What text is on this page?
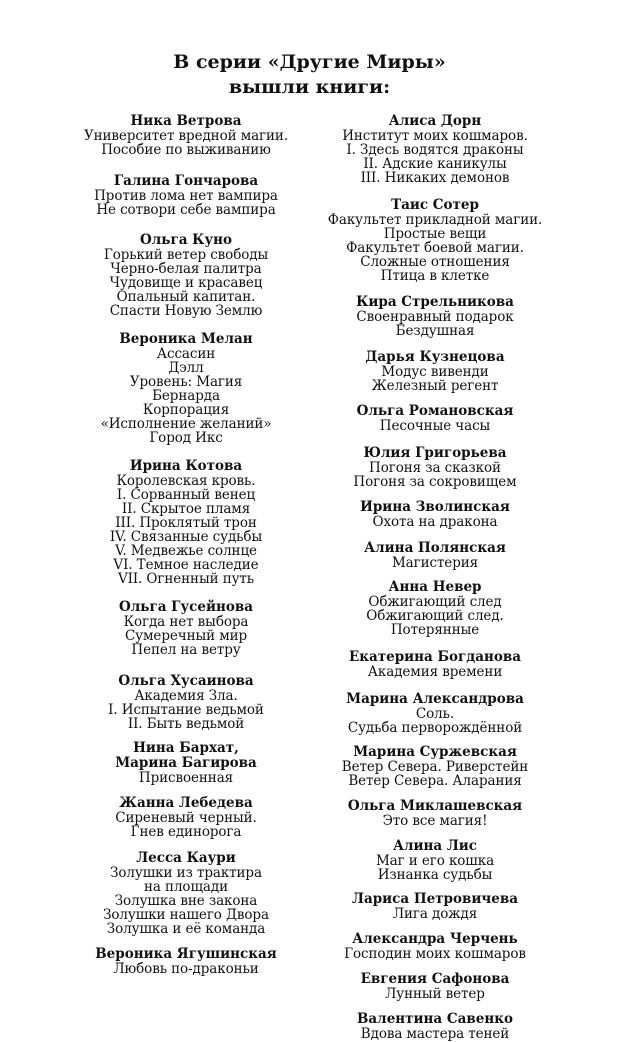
В серии «Другие Миры»
вышли книги:
Ника Ветрова
Университет вредной магии.
Пособие по выживанию
Галина Гончарова
Против лома нет вампира
Не сотвори себе вампира
Ольга Куно
Горький ветер свободы
Черно-белая палитра
Чудовище и красавец
Опальный капитан.
Спасти Новую Землю
Вероника Мелан
Ассасин
Дэлл
Уровень: Магия
Бернарда
Корпорация
«Исполнение желаний»
Город Икс
Ирина Котова
Королевская кровь.
I. Сорванный венец
II. Скрытое пламя
III. Проклятый трон
IV. Связанные судьбы
V. Медвежье солнце
VI. Темное наследие
VII. Огненный путь
Ольга Гусейнова
Когда нет выбора
Сумеречный мир
Пепел на ветру
Ольга Хусаинова
Академия Зла.
I. Испытание ведьмой
II. Быть ведьмой
Нина Бархат,
Марина Багирова
Присвоенная
Жанна Лебедева
Сиреневый черный.
Гнев единорога
Лесса Каури
Золушки из трактира
на площади
Золушка вне закона
Золушки нашего Двора
Золушка и её команда
Вероника Ягушинская
Любовь по-драконьи
Алиса Дорн
Институт моих кошмаров.
I. Здесь водятся драконы
II. Адские каникулы
III. Никаких демонов
Таис Сотер
Факультет прикладной магии.
Простые вещи
Факультет боевой магии.
Сложные отношения
Птица в клетке
Кира Стрельникова
Своенравный подарок
Бездушная
Дарья Кузнецова
Модус вивенди
Железный регент
Ольга Романовская
Песочные часы
Юлия Григорьева
Погоня за сказкой
Погоня за сокровищем
Ирина Зволинская
Охота на дракона
Алина Полянская
Магистерия
Анна Невер
Обжигающий след
Обжигающий след.
Потерянные
Екатерина Богданова
Академия времени
Марина Александрова
Соль.
Судьба перворождённой
Марина Суржевская
Ветер Севера. Риверстейн
Ветер Севера. Аларания
Ольга Миклашевская
Это все магия!
Алина Лис
Маг и его кошка
Изнанка судьбы
Лариса Петровичева
Лига дождя
Александра Черчень
Господин моих кошмаров
Евгения Сафонова
Лунный ветер
Валентина Савенко
Вдова мастера теней
